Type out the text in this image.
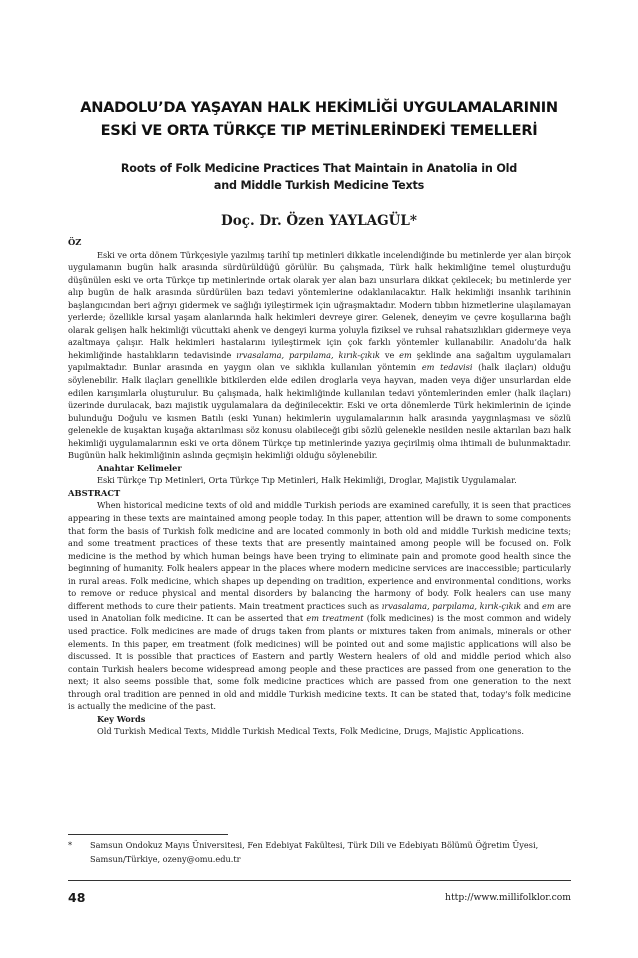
ANADOLU’DA YAŞAYAN HALK HEKİMLİĞİ UYGULAMALARININ
ESKİ VE ORTA TÜRKÇE TIP METİNLERİNDEKİ TEMELLERİ
Roots of Folk Medicine Practices That Maintain in Anatolia in Old
and Middle Turkish Medicine Texts
Doç. Dr. Özen YAYLAGÜL*

ÖZ

Eski ve orta dönem Türkçesiyle yazılmış tarihî tıp metinleri dikkatle incelendiğinde bu metinlerde yer alan birçok uygulamanın bugün halk arasında sürdürüldüğü görülür. Bu çalışmada, Türk halk hekimliğine temel oluşturduğu düşünülen eski ve orta Türkçe tıp metinlerinde ortak olarak yer alan bazı unsurlara dikkat çekilecek; bu metinlerde yer alıp bugün de halk arasında sürdürülen bazı tedavi yöntemlerine odaklanılacaktır. Halk hekimliği insanlık tarihinin başlangıcından beri ağrıyı gidermek ve sağlığı iyileştirmek için uğraşmaktadır. Modern tıbbın hizmetlerine ulaşılamayan yerlerde; özellikle kırsal yaşam alanlarında halk hekimleri devreye girer. Gelenek, deneyim ve çevre koşullarına bağlı olarak gelişen halk hekimliği vücuttaki ahenk ve dengeyi kurma yoluyla fiziksel ve ruhsal rahatsızlıkları gidermeye veya azaltmaya çalışır. Halk hekimleri hastalarını iyileştirmek için çok farklı yöntemler kullanabilir. Anadolu’da halk hekimliğinde hastalıkların tedavisinde ırvasalama, parpılama, kırık-çıkık ve em şeklinde ana sağaltım uygulamaları yapılmaktadır. Bunlar arasında en yaygın olan ve sıklıkla kullanılan yöntemin em tedavisi (halk ilaçları) olduğu söylenebilir. Halk ilaçları genellikle bitkilerden elde edilen droglarla veya hayvan, maden veya diğer unsurlardan elde edilen karışımlarla oluşturulur. Bu çalışmada, halk hekimliğinde kullanılan tedavi yöntemlerinden emler (halk ilaçları) üzerinde durulacak, bazı majistik uygulamalara da değinilecektir. Eski ve orta dönemlerde Türk hekimlerinin de içinde bulunduğu Doğulu ve kısmen Batılı (eski Yunan) hekimlerin uygulamalarının halk arasında yaygınlaşması ve sözlü gelenekle de kuşaktan kuşağa aktarılması söz konusu olabileceği gibi sözlü gelenekle nesilden nesile aktarılan bazı halk hekimliği uygulamalarının eski ve orta dönem Türkçe tıp metinlerinde yazıya geçirilmiş olma ihtimali de bulunmaktadır. Bugünün halk hekimliğinin aslında geçmişin hekimliği olduğu söylenebilir.

Anahtar Kelimeler

Eski Türkçe Tıp Metinleri, Orta Türkçe Tıp Metinleri, Halk Hekimliği, Droglar, Majistik Uygulamalar.

ABSTRACT

When historical medicine texts of old and middle Turkish periods are examined carefully, it is seen that practices appearing in these texts are maintained among people today. In this paper, attention will be drawn to some components that form the basis of Turkish folk medicine and are located commonly in both old and middle Turkish medicine texts; and some treatment practices of these texts that are presently maintained among people will be focused on. Folk medicine is the method by which human beings have been trying to eliminate pain and promote good health since the beginning of humanity. Folk healers appear in the places where modern medicine services are inaccessible; particularly in rural areas. Folk medicine, which shapes up depending on tradition, experience and environmental conditions, works to remove or reduce physical and mental disorders by balancing the harmony of body. Folk healers can use many different methods to cure their patients. Main treatment practices such as ırvasalama, parpılama, kırık-çıkık and em are used in Anatolian folk medicine. It can be asserted that em treatment (folk medicines) is the most common and widely used practice. Folk medicines are made of drugs taken from plants or mixtures taken from animals, minerals or other elements. In this paper, em treatment (folk medicines) will be pointed out and some majistic applications will also be discussed. It is possible that practices of Eastern and partly Western healers of old and middle period which also contain Turkish healers become widespread among people and these practices are passed from one generation to the next; it also seems possible that, some folk medicine practices which are passed from one generation to the next through oral tradition are penned in old and middle Turkish medicine texts. It can be stated that, today's folk medicine is actually the medicine of the past.

Key Words

Old Turkish Medical Texts, Middle Turkish Medical Texts, Folk Medicine, Drugs, Majistic Applications.

*	Samsun Ondokuz Mayıs Üniversitesi, Fen Edebiyat Fakültesi, Türk Dili ve Edebiyatı Bölümü Öğretim Üyesi, Samsun/Türkiye, ozeny@omu.edu.tr
48	http://www.millifolklor.com
